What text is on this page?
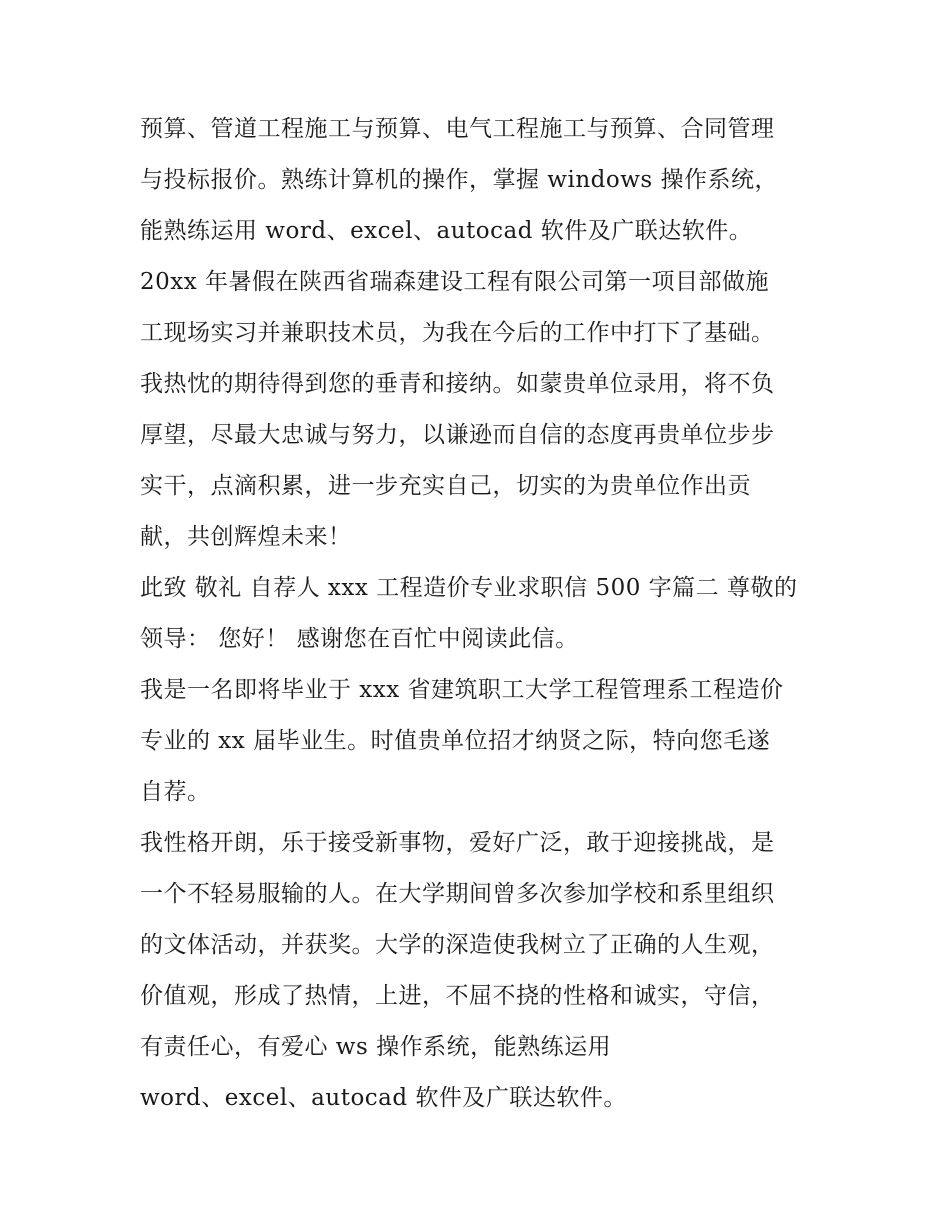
预算、管道工程施工与预算、电气工程施工与预算、合同管理
与投标报价。熟练计算机的操作，掌握 windows 操作系统，
能熟练运用 word、excel、autocad 软件及广联达软件。
20xx 年暑假在陕西省瑞森建设工程有限公司第一项目部做施
工现场实习并兼职技术员，为我在今后的工作中打下了基础。
我热忱的期待得到您的垂青和接纳。如蒙贵单位录用，将不负
厚望，尽最大忠诚与努力，以谦逊而自信的态度再贵单位步步
实干，点滴积累，进一步充实自己，切实的为贵单位作出贡
献，共创辉煌未来！
此致 敬礼 自荐人 xxx 工程造价专业求职信 500 字篇二 尊敬的
领导： 您好！ 感谢您在百忙中阅读此信。
我是一名即将毕业于 xxx 省建筑职工大学工程管理系工程造价
专业的 xx 届毕业生。时值贵单位招才纳贤之际，特向您毛遂
自荐。
我性格开朗，乐于接受新事物，爱好广泛，敢于迎接挑战，是
一个不轻易服输的人。在大学期间曾多次参加学校和系里组织
的文体活动，并获奖。大学的深造使我树立了正确的人生观，
价值观，形成了热情，上进，不屈不挠的性格和诚实，守信，
有责任心，有爱心 ws 操作系统，能熟练运用
word、excel、autocad 软件及广联达软件。
